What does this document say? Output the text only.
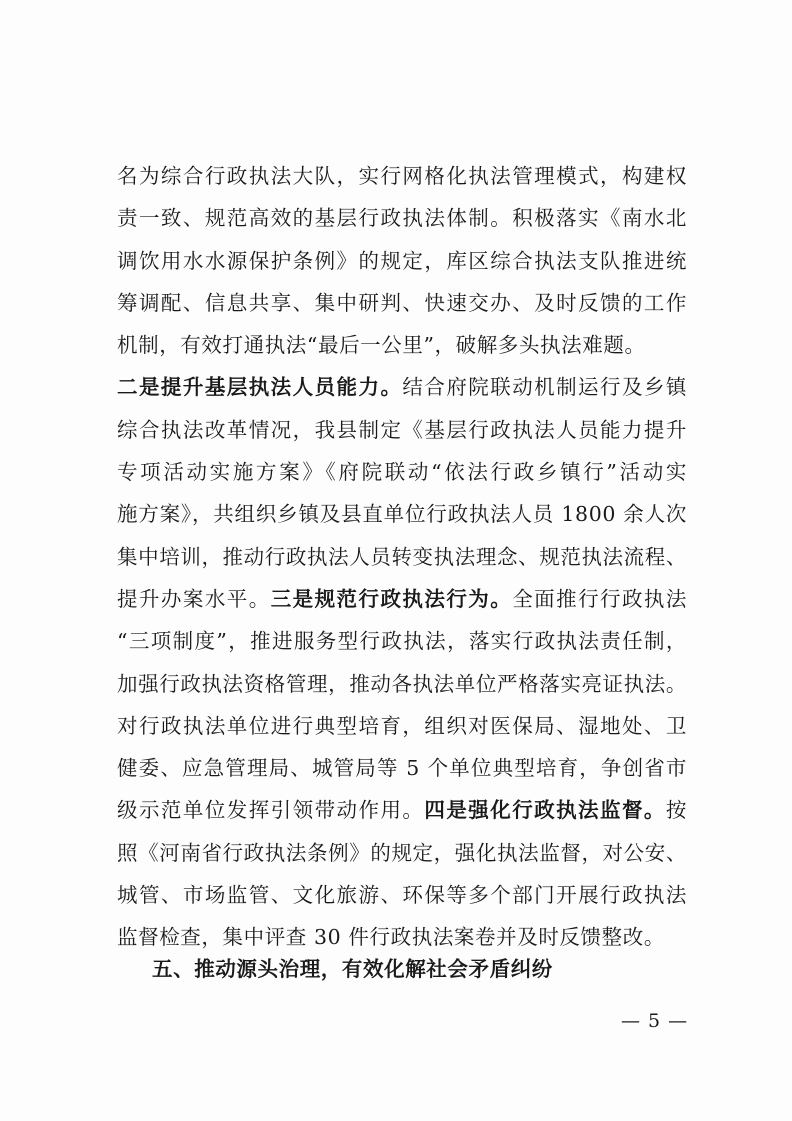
名为综合行政执法大队，实行网格化执法管理模式，构建权
责一致、规范高效的基层行政执法体制。积极落实《南水北
调饮用水水源保护条例》的规定，库区综合执法支队推进统
筹调配、信息共享、集中研判、快速交办、及时反馈的工作
机制，有效打通执法“最后一公里”，破解多头执法难题。
二是提升基层执法人员能力。结合府院联动机制运行及乡镇
综合执法改革情况，我县制定《基层行政执法人员能力提升
专项活动实施方案》《府院联动“依法行政乡镇行”活动实
施方案》，共组织乡镇及县直单位行政执法人员 1800 余人次
集中培训，推动行政执法人员转变执法理念、规范执法流程、
提升办案水平。三是规范行政执法行为。全面推行行政执法
“三项制度”，推进服务型行政执法，落实行政执法责任制，
加强行政执法资格管理，推动各执法单位严格落实亮证执法。
对行政执法单位进行典型培育，组织对医保局、湿地处、卫
健委、应急管理局、城管局等 5 个单位典型培育，争创省市
级示范单位发挥引领带动作用。四是强化行政执法监督。按
照《河南省行政执法条例》的规定，强化执法监督，对公安、
城管、市场监管、文化旅游、环保等多个部门开展行政执法
监督检查，集中评查 30 件行政执法案卷并及时反馈整改。
五、推动源头治理，有效化解社会矛盾纠纷
— 5 —
